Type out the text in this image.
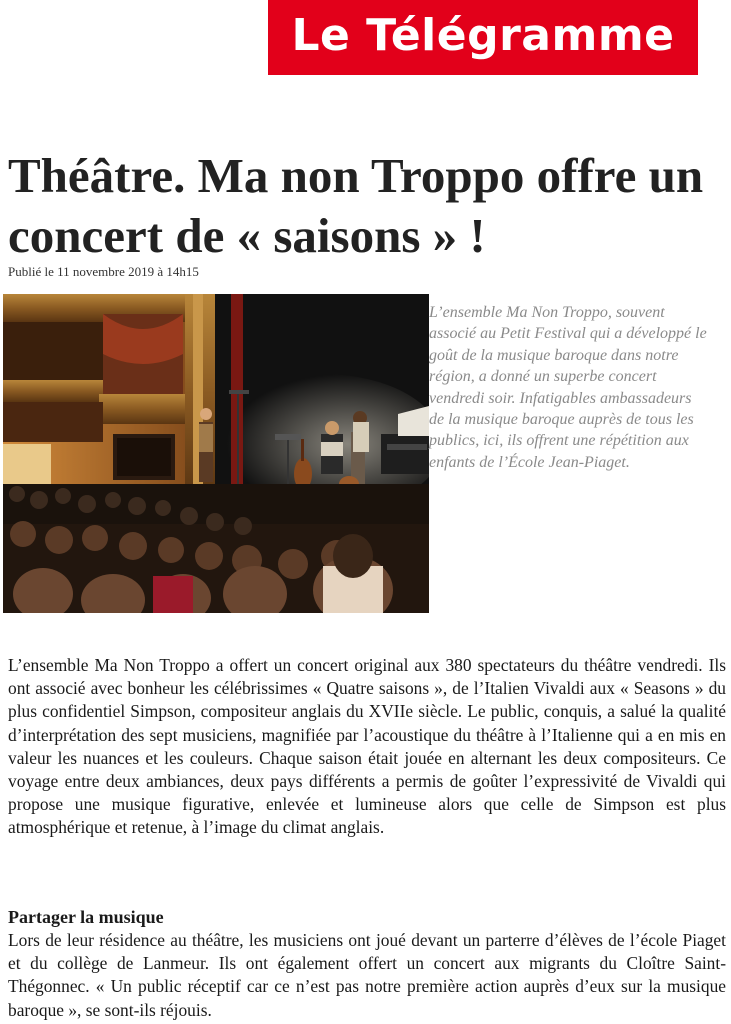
Le Télégramme
Théâtre. Ma non Troppo offre un concert de « saisons » !
Publié le 11 novembre 2019 à 14h15

L’ensemble Ma Non Troppo, souvent associé au Petit Festival qui a développé le goût de la musique baroque dans notre région, a donné un superbe concert vendredi soir. Infatigables ambassadeurs de la musique baroque auprès de tous les publics, ici, ils offrent une répétition aux enfants de l’École Jean-Piaget.

L’ensemble Ma Non Troppo a offert un concert original aux 380 spectateurs du théâtre vendredi. Ils ont associé avec bonheur les célébrissimes « Quatre saisons », de l’Italien Vivaldi aux « Seasons » du plus confidentiel Simpson, compositeur anglais du XVIIe siècle. Le public, conquis, a salué la qualité d’interprétation des sept musiciens, magnifiée par l’acoustique du théâtre à l’Italienne qui a en mis en valeur les nuances et les couleurs. Chaque saison était jouée en alternant les deux compositeurs. Ce voyage entre deux ambiances, deux pays différents a permis de goûter l’expressivité de Vivaldi qui propose une musique figurative, enlevée et lumineuse alors que celle de Simpson est plus atmosphérique et retenue, à l’image du climat anglais.

Partager la musique

Lors de leur résidence au théâtre, les musiciens ont joué devant un parterre d’élèves de l’école Piaget et du collège de Lanmeur. Ils ont également offert un concert aux migrants du Cloître Saint-Thégonnec. « Un public réceptif car ce n’est pas notre première action auprès d’eux sur la musique baroque », se sont-ils réjouis.
